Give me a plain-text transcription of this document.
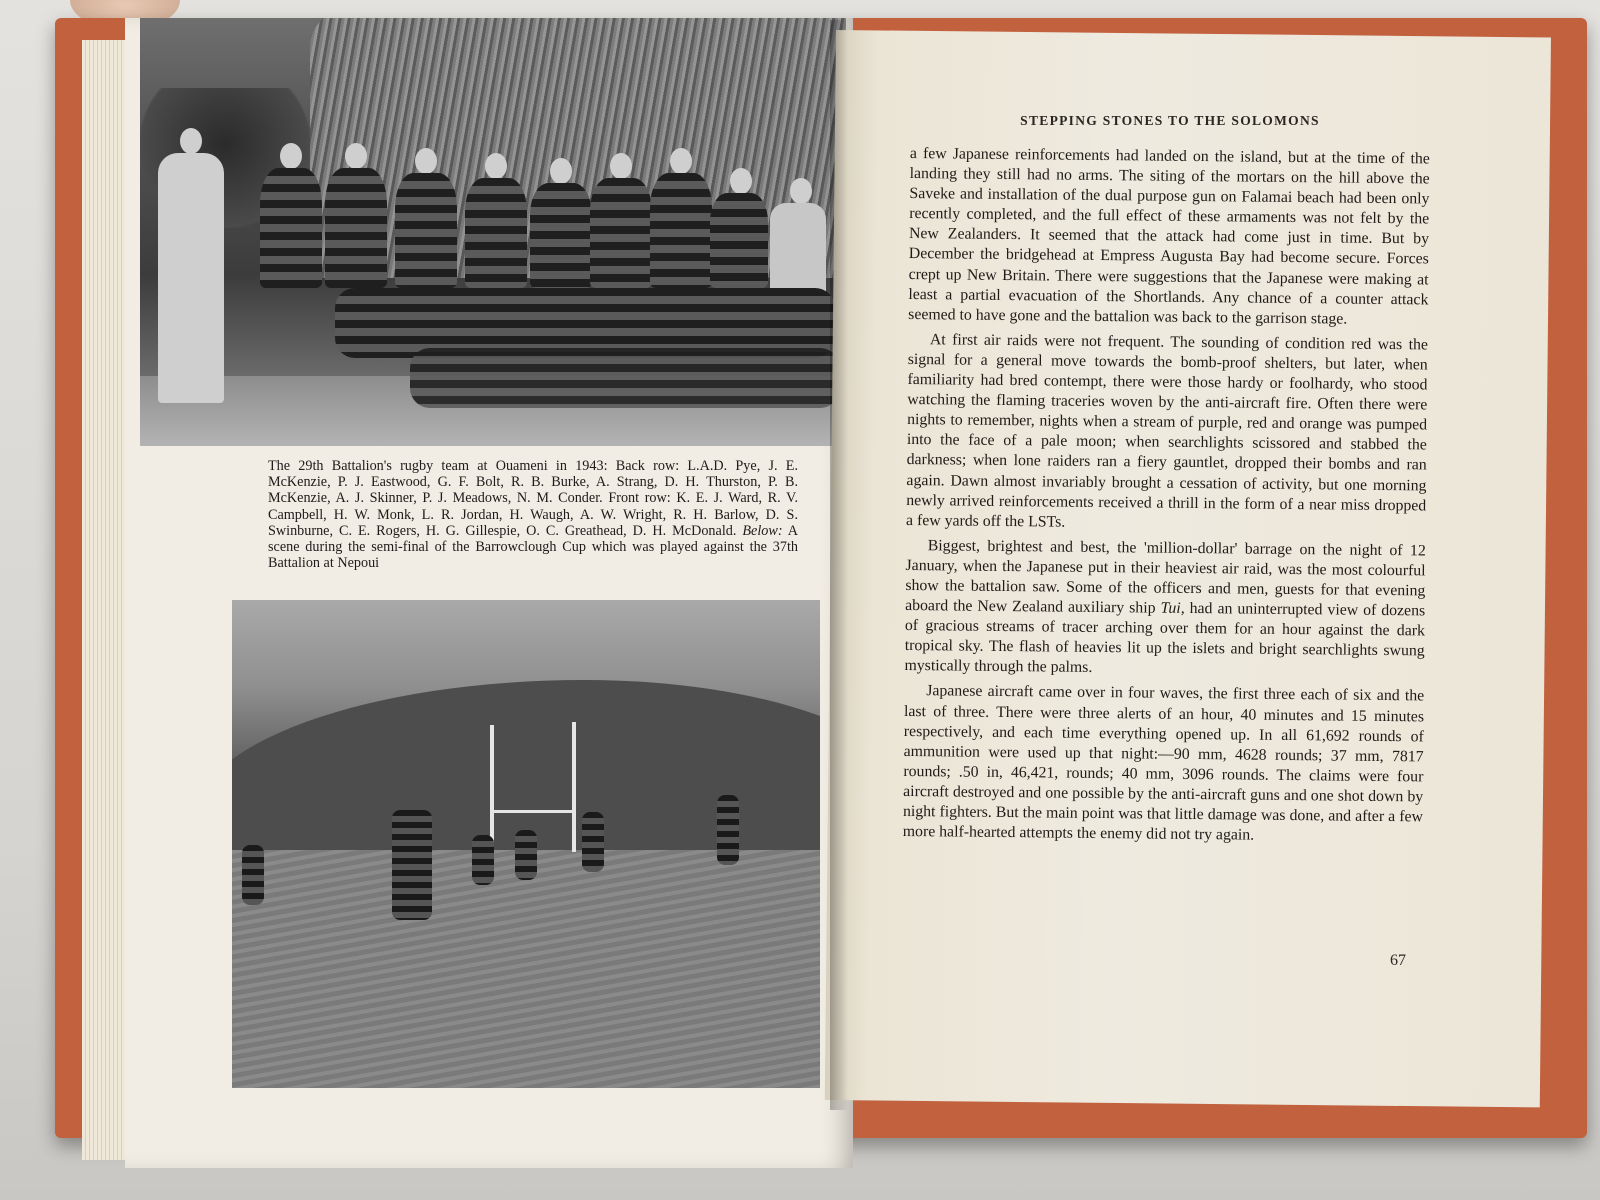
The 29th Battalion's rugby team at Ouameni in 1943: Back row: L.A.D. Pye, J. E. McKenzie, P. J. Eastwood, G. F. Bolt, R. B. Burke, A. Strang, D. H. Thurston, P. B. McKenzie, A. J. Skinner, P. J. Meadows, N. M. Conder. Front row: K. E. J. Ward, R. V. Campbell, H. W. Monk, L. R. Jordan, H. Waugh, A. W. Wright, R. H. Barlow, D. S. Swinburne, C. E. Rogers, H. G. Gillespie, O. C. Greathead, D. H. McDonald. Below: A scene during the semi-final of the Barrowclough Cup which was played against the 37th Battalion at Nepoui

STEPPING STONES TO THE SOLOMONS

a few Japanese reinforcements had landed on the island, but at the time of the landing they still had no arms. The siting of the mortars on the hill above the Saveke and installation of the dual purpose gun on Falamai beach had been only recently completed, and the full effect of these armaments was not felt by the New Zealanders. It seemed that the attack had come just in time. But by December the bridgehead at Empress Augusta Bay had become secure. Forces crept up New Britain. There were suggestions that the Japanese were making at least a partial evacuation of the Shortlands. Any chance of a counter attack seemed to have gone and the battalion was back to the garrison stage.

At first air raids were not frequent. The sounding of condition red was the signal for a general move towards the bomb-proof shelters, but later, when familiarity had bred contempt, there were those hardy or foolhardy, who stood watching the flaming traceries woven by the anti-aircraft fire. Often there were nights to remember, nights when a stream of purple, red and orange was pumped into the face of a pale moon; when searchlights scissored and stabbed the darkness; when lone raiders ran a fiery gauntlet, dropped their bombs and ran again. Dawn almost invariably brought a cessation of activity, but one morning newly arrived reinforcements received a thrill in the form of a near miss dropped a few yards off the LSTs.

Biggest, brightest and best, the 'million-dollar' barrage on the night of 12 January, when the Japanese put in their heaviest air raid, was the most colourful show the battalion saw. Some of the officers and men, guests for that evening aboard the New Zealand auxiliary ship Tui, had an uninterrupted view of dozens of gracious streams of tracer arching over them for an hour against the dark tropical sky. The flash of heavies lit up the islets and bright searchlights swung mystically through the palms.

Japanese aircraft came over in four waves, the first three each of six and the last of three. There were three alerts of an hour, 40 minutes and 15 minutes respectively, and each time everything opened up. In all 61,692 rounds of ammunition were used up that night:—90 mm, 4628 rounds; 37 mm, 7817 rounds; .50 in, 46,421, rounds; 40 mm, 3096 rounds. The claims were four aircraft destroyed and one possible by the anti-aircraft guns and one shot down by night fighters. But the main point was that little damage was done, and after a few more half-hearted attempts the enemy did not try again.

67
